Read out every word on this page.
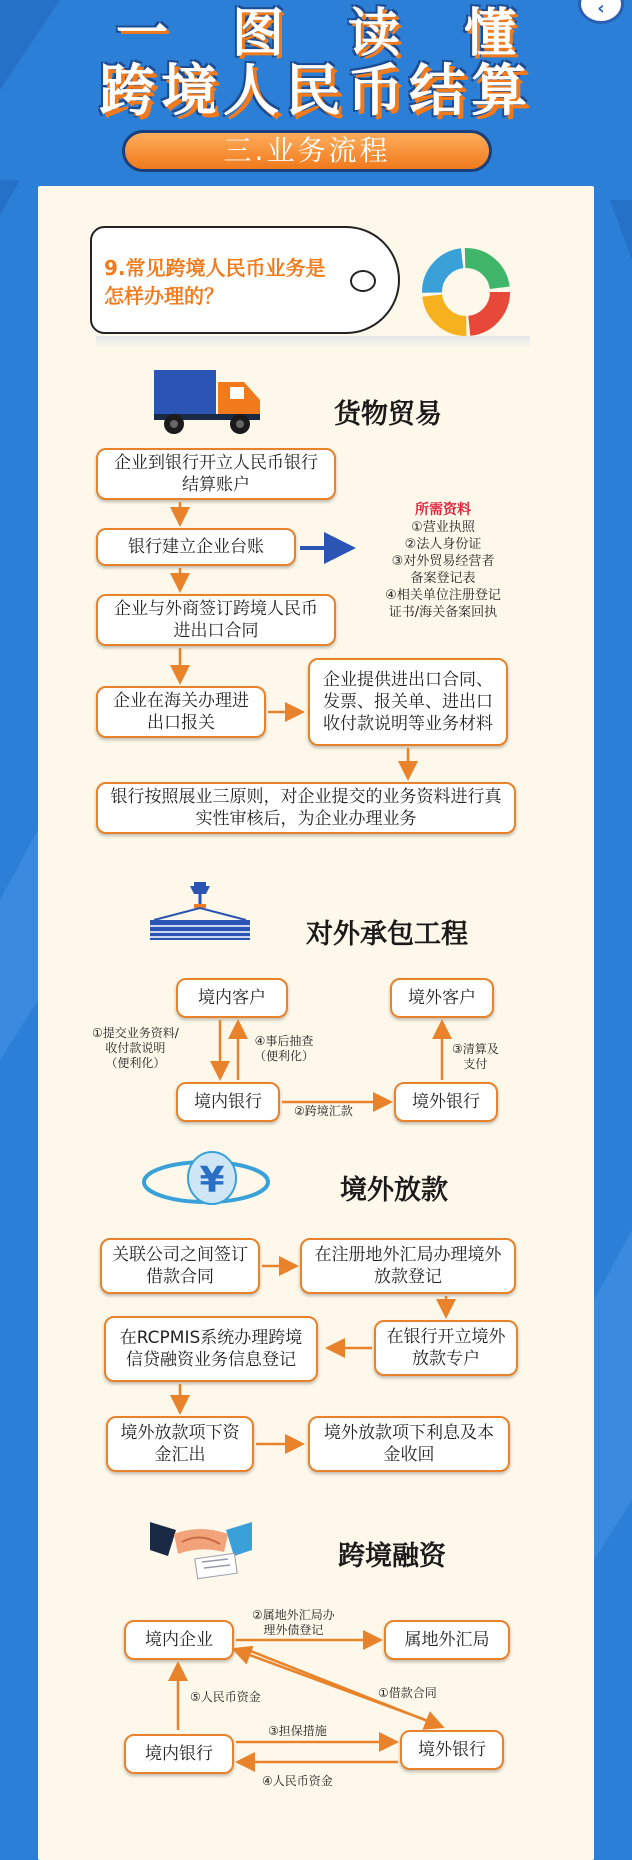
一图读懂
跨境人民币结算
‹
三.业务流程
9.常见跨境人民币业务是怎样办理的？
货物贸易
企业到银行开立人民币银行结算账户
银行建立企业台账
企业与外商签订跨境人民币进出口合同
企业在海关办理进出口报关
企业提供进出口合同、发票、报关单、进出口收付款说明等业务材料
银行按照展业三原则，对企业提交的业务资料进行真实性审核后，为企业办理业务
所需资料
①营业执照
②法人身份证
③对外贸易经营者
备案登记表
④相关单位注册登记
证书/海关备案回执
对外承包工程
境内客户	境外客户
境内银行	境外银行
①提交业务资料/
收付款说明
（便利化）
④事后抽查
（便利化）
②跨境汇款
③清算及
支付
¥	境外放款
关联公司之间签订借款合同
在注册地外汇局办理境外放款登记
在银行开立境外放款专户
在RCPMIS系统办理跨境信贷融资业务信息登记
境外放款项下资金汇出
境外放款项下利息及本金收回
跨境融资
境内企业	属地外汇局
境内银行	境外银行
②属地外汇局办
理外债登记
①借款合同
⑤人民币资金
③担保措施
④人民币资金
